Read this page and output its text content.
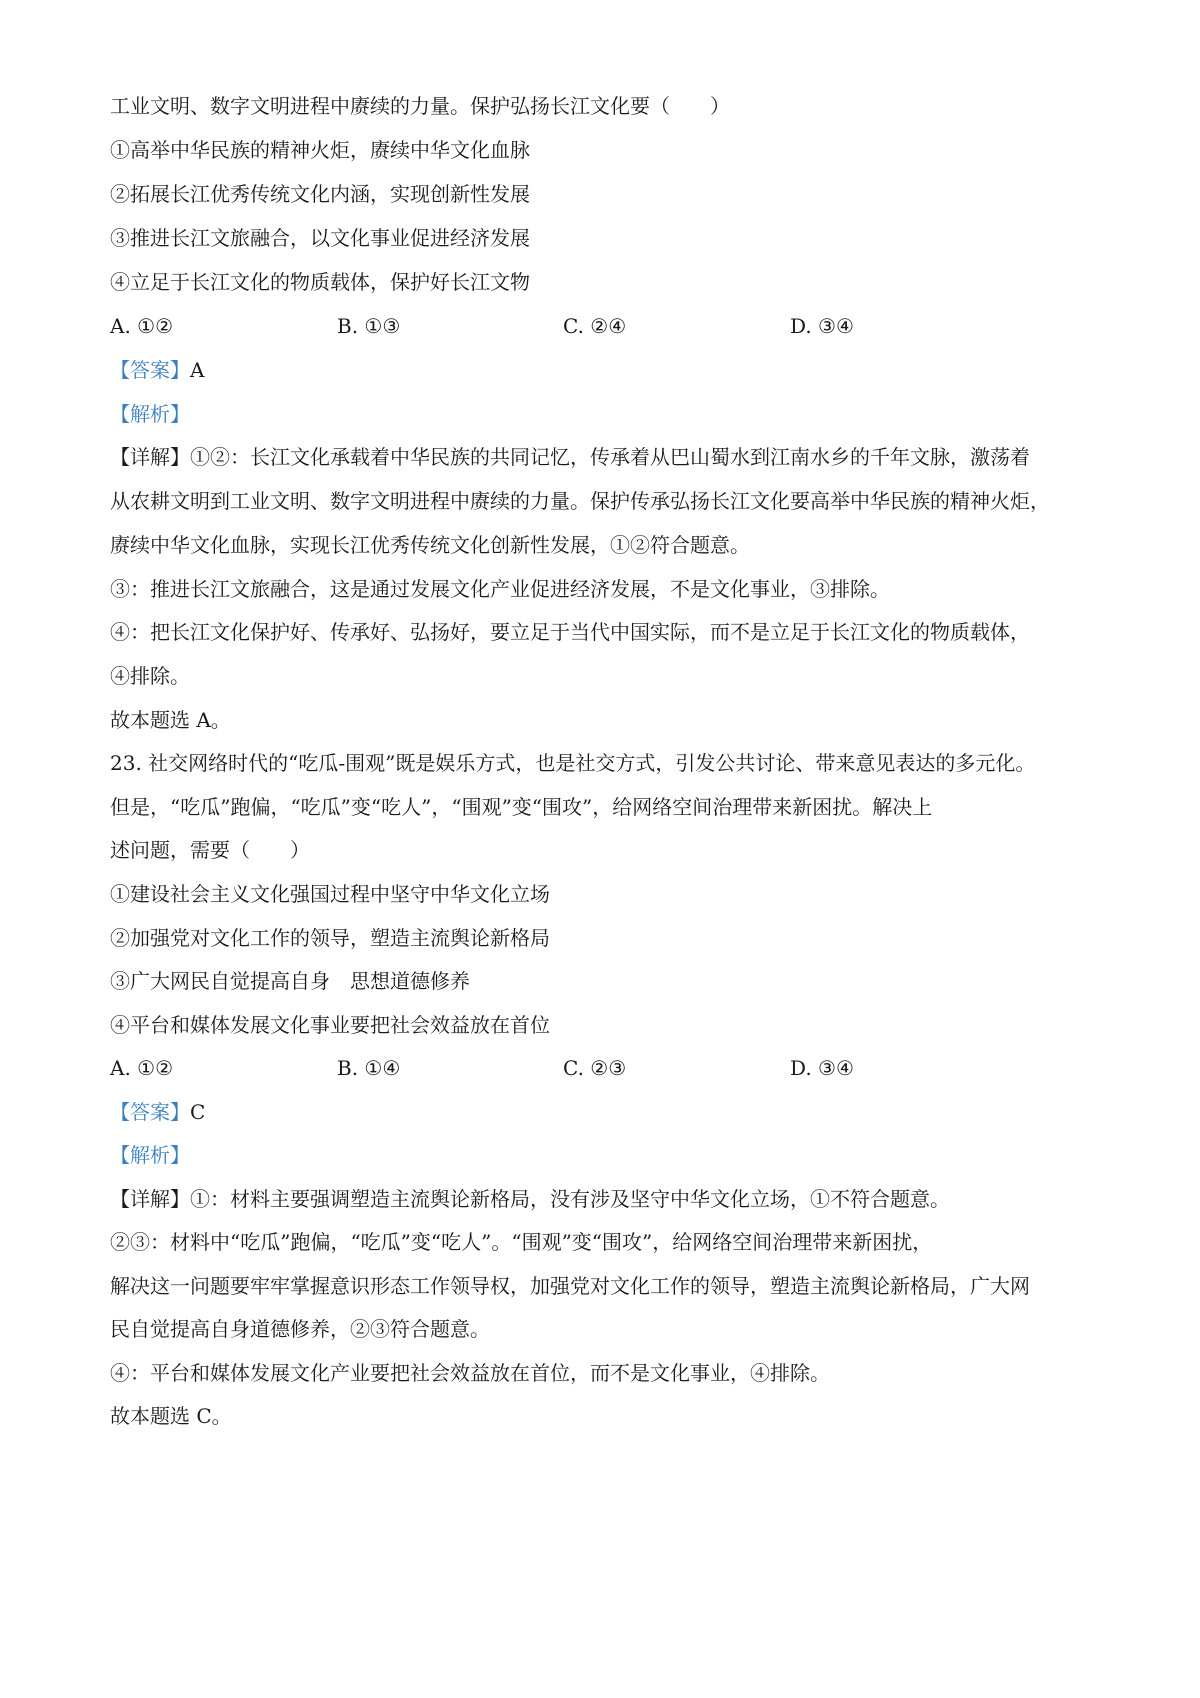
工业文明、数字文明进程中赓续的力量。保护弘扬长江文化要（　　）
①高举中华民族的精神火炬，赓续中华文化血脉
②拓展长江优秀传统文化内涵，实现创新性发展
③推进长江文旅融合，以文化事业促进经济发展
④立足于长江文化的物质载体，保护好长江文物
A. ①②	B. ①③	C. ②④	D. ③④
【答案】A
【解析】
【详解】①②：长江文化承载着中华民族的共同记忆，传承着从巴山蜀水到江南水乡的千年文脉，激荡着
从农耕文明到工业文明、数字文明进程中赓续的力量。保护传承弘扬长江文化要高举中华民族的精神火炬，
赓续中华文化血脉，实现长江优秀传统文化创新性发展，①②符合题意。
③：推进长江文旅融合，这是通过发展文化产业促进经济发展，不是文化事业，③排除。
④：把长江文化保护好、传承好、弘扬好，要立足于当代中国实际，而不是立足于长江文化的物质载体，
④排除。
故本题选 A。
23. 社交网络时代的“吃瓜-围观”既是娱乐方式，也是社交方式，引发公共讨论、带来意见表达的多元化。
但是，“吃瓜”跑偏，“吃瓜”变“吃人”，“围观”变“围攻”，给网络空间治理带来新困扰。解决上
述问题，需要（　　）
①建设社会主义文化强国过程中坚守中华文化立场
②加强党对文化工作的领导，塑造主流舆论新格局
③广大网民自觉提高自身　思想道德修养
④平台和媒体发展文化事业要把社会效益放在首位
A. ①②	B. ①④	C. ②③	D. ③④
【答案】C
【解析】
【详解】①：材料主要强调塑造主流舆论新格局，没有涉及坚守中华文化立场，①不符合题意。
②③：材料中“吃瓜”跑偏，“吃瓜”变“吃人”。“围观”变“围攻”，给网络空间治理带来新困扰，
解决这一问题要牢牢掌握意识形态工作领导权，加强党对文化工作的领导，塑造主流舆论新格局，广大网
民自觉提高自身道德修养，②③符合题意。
④：平台和媒体发展文化产业要把社会效益放在首位，而不是文化事业，④排除。
故本题选 C。
